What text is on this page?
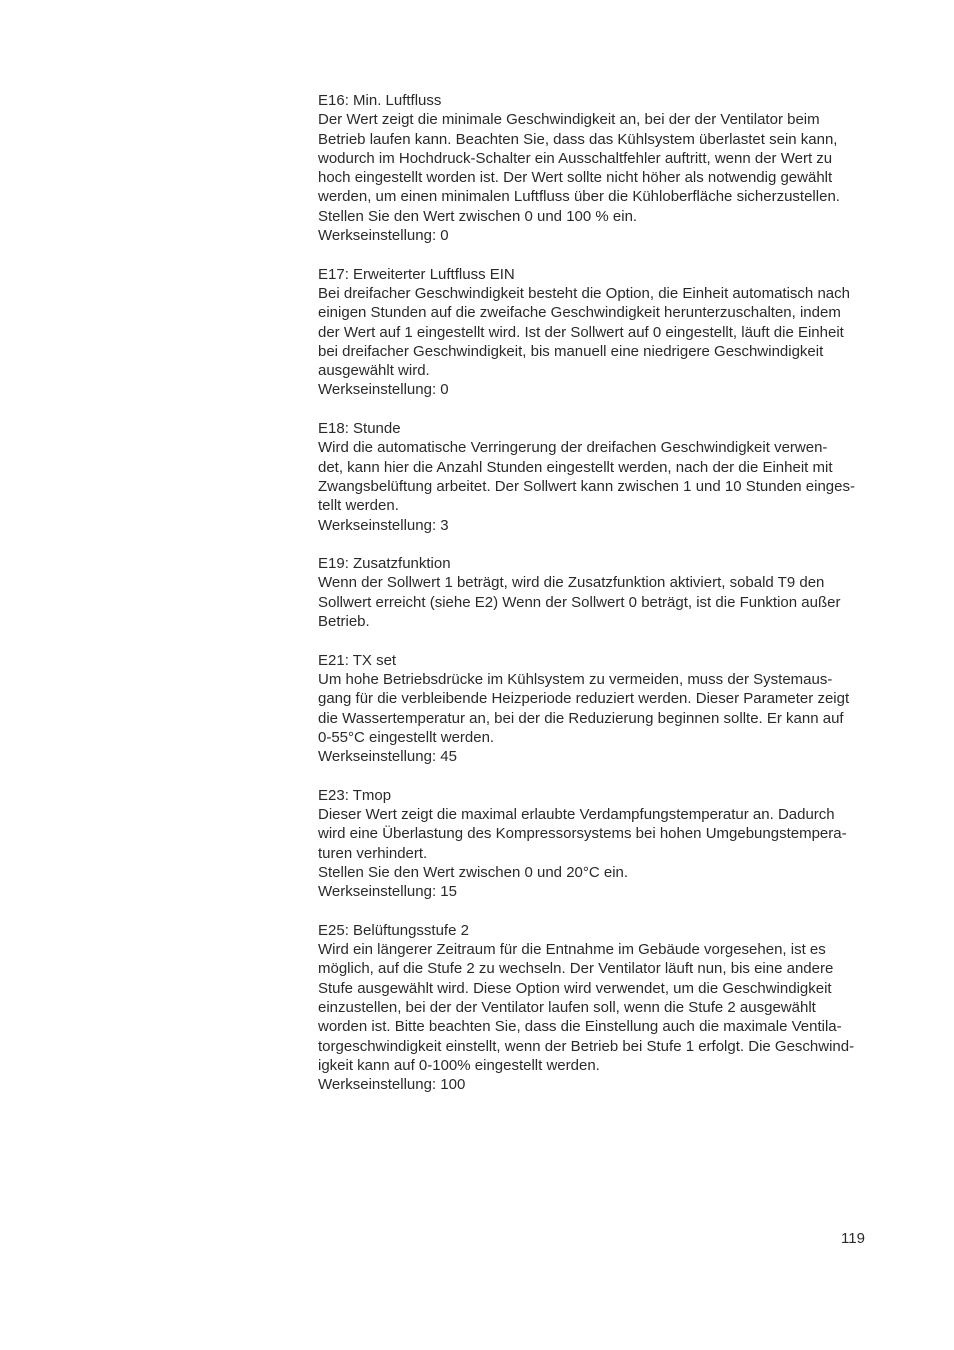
E16: Min. Luftfluss
Der Wert zeigt die minimale Geschwindigkeit an, bei der der Ventilator beim
Betrieb laufen kann. Beachten Sie, dass das Kühlsystem überlastet sein kann,
wodurch im Hochdruck-Schalter ein Ausschaltfehler auftritt, wenn der Wert zu
hoch eingestellt worden ist. Der Wert sollte nicht höher als notwendig gewählt
werden, um einen minimalen Luftfluss über die Kühloberfläche sicherzustellen.
Stellen Sie den Wert zwischen 0 und 100 % ein.
Werkseinstellung: 0
E17: Erweiterter Luftfluss EIN
Bei dreifacher Geschwindigkeit besteht die Option, die Einheit automatisch nach
einigen Stunden auf die zweifache Geschwindigkeit herunterzuschalten, indem
der Wert auf 1 eingestellt wird. Ist der Sollwert auf 0 eingestellt, läuft die Einheit
bei dreifacher Geschwindigkeit, bis manuell eine niedrigere Geschwindigkeit
ausgewählt wird.
Werkseinstellung: 0
E18: Stunde
Wird die automatische Verringerung der dreifachen Geschwindigkeit verwen-
det, kann hier die Anzahl Stunden eingestellt werden, nach der die Einheit mit
Zwangsbelüftung arbeitet. Der Sollwert kann zwischen 1 und 10 Stunden einges-
tellt werden.
Werkseinstellung: 3
E19: Zusatzfunktion
Wenn der Sollwert 1 beträgt, wird die Zusatzfunktion aktiviert, sobald T9 den
Sollwert erreicht (siehe E2) Wenn der Sollwert 0 beträgt, ist die Funktion außer
Betrieb.
E21: TX set
Um hohe Betriebsdrücke im Kühlsystem zu vermeiden, muss der Systemaus-
gang für die verbleibende Heizperiode reduziert werden. Dieser Parameter zeigt
die Wassertemperatur an, bei der die Reduzierung beginnen sollte. Er kann auf
0-55°C eingestellt werden.
Werkseinstellung: 45
E23: Tmop
Dieser Wert zeigt die maximal erlaubte Verdampfungstemperatur an. Dadurch
wird eine Überlastung des Kompressorsystems bei hohen Umgebungstempera-
turen verhindert.
Stellen Sie den Wert zwischen 0 und 20°C ein.
Werkseinstellung: 15
E25: Belüftungsstufe 2
Wird ein längerer Zeitraum für die Entnahme im Gebäude vorgesehen, ist es
möglich, auf die Stufe 2 zu wechseln. Der Ventilator läuft nun, bis eine andere
Stufe ausgewählt wird. Diese Option wird verwendet, um die Geschwindigkeit
einzustellen, bei der der Ventilator laufen soll, wenn die Stufe 2 ausgewählt
worden ist. Bitte beachten Sie, dass die Einstellung auch die maximale Ventila-
torgeschwindigkeit einstellt, wenn der Betrieb bei Stufe 1 erfolgt. Die Geschwind-
igkeit kann auf 0-100% eingestellt werden.
Werkseinstellung: 100
119
